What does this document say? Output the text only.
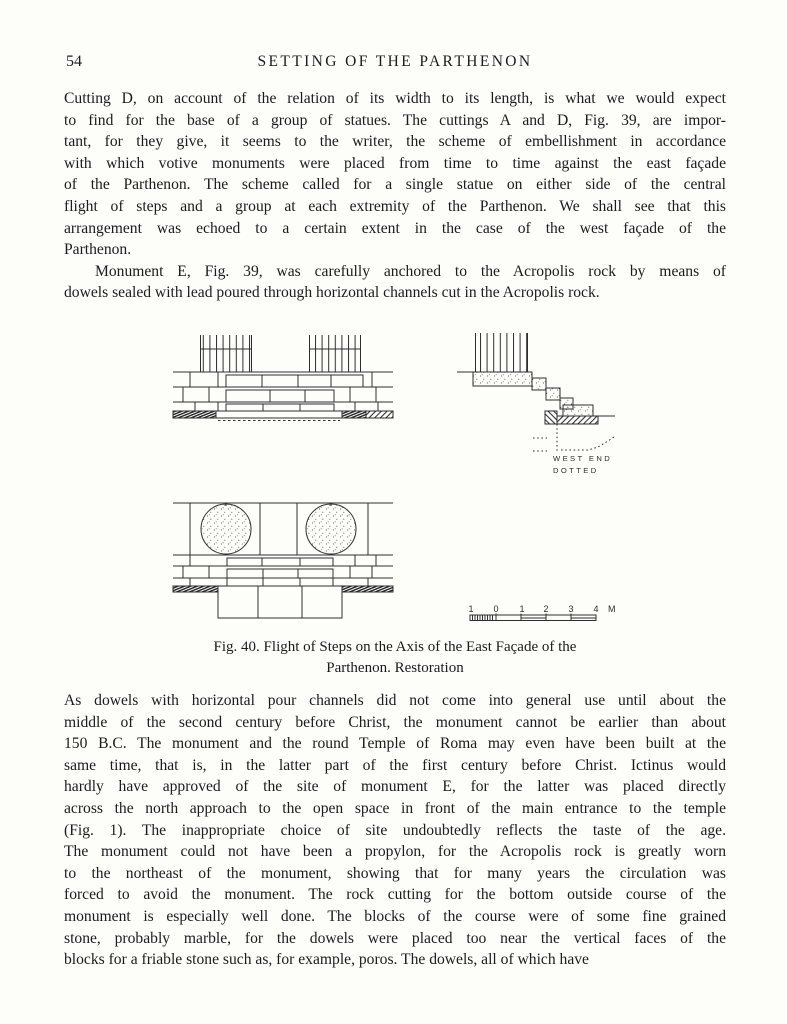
54	SETTING OF THE PARTHENON
Cutting D, on account of the relation of its width to its length, is what we would expect
to find for the base of a group of statues. The cuttings A and D, Fig. 39, are impor-
tant, for they give, it seems to the writer, the scheme of embellishment in accordance
with which votive monuments were placed from time to time against the east façade
of the Parthenon. The scheme called for a single statue on either side of the central
flight of steps and a group at each extremity of the Parthenon. We shall see that this
arrangement was echoed to a certain extent in the case of the west façade of the
Parthenon.
Monument E, Fig. 39, was carefully anchored to the Acropolis rock by means of
dowels sealed with lead poured through horizontal channels cut in the Acropolis rock.
WEST END
DOTTED
1 0 1 2 3 4 M
Fig. 40. Flight of Steps on the Axis of the East Façade of the
Parthenon. Restoration
As dowels with horizontal pour channels did not come into general use until about the
middle of the second century before Christ, the monument cannot be earlier than about
150 B.C. The monument and the round Temple of Roma may even have been built at the
same time, that is, in the latter part of the first century before Christ. Ictinus would
hardly have approved of the site of monument E, for the latter was placed directly
across the north approach to the open space in front of the main entrance to the temple
(Fig. 1). The inappropriate choice of site undoubtedly reflects the taste of the age.
The monument could not have been a propylon, for the Acropolis rock is greatly worn
to the northeast of the monument, showing that for many years the circulation was
forced to avoid the monument. The rock cutting for the bottom outside course of the
monument is especially well done. The blocks of the course were of some fine grained
stone, probably marble, for the dowels were placed too near the vertical faces of the
blocks for a friable stone such as, for example, poros. The dowels, all of which have
